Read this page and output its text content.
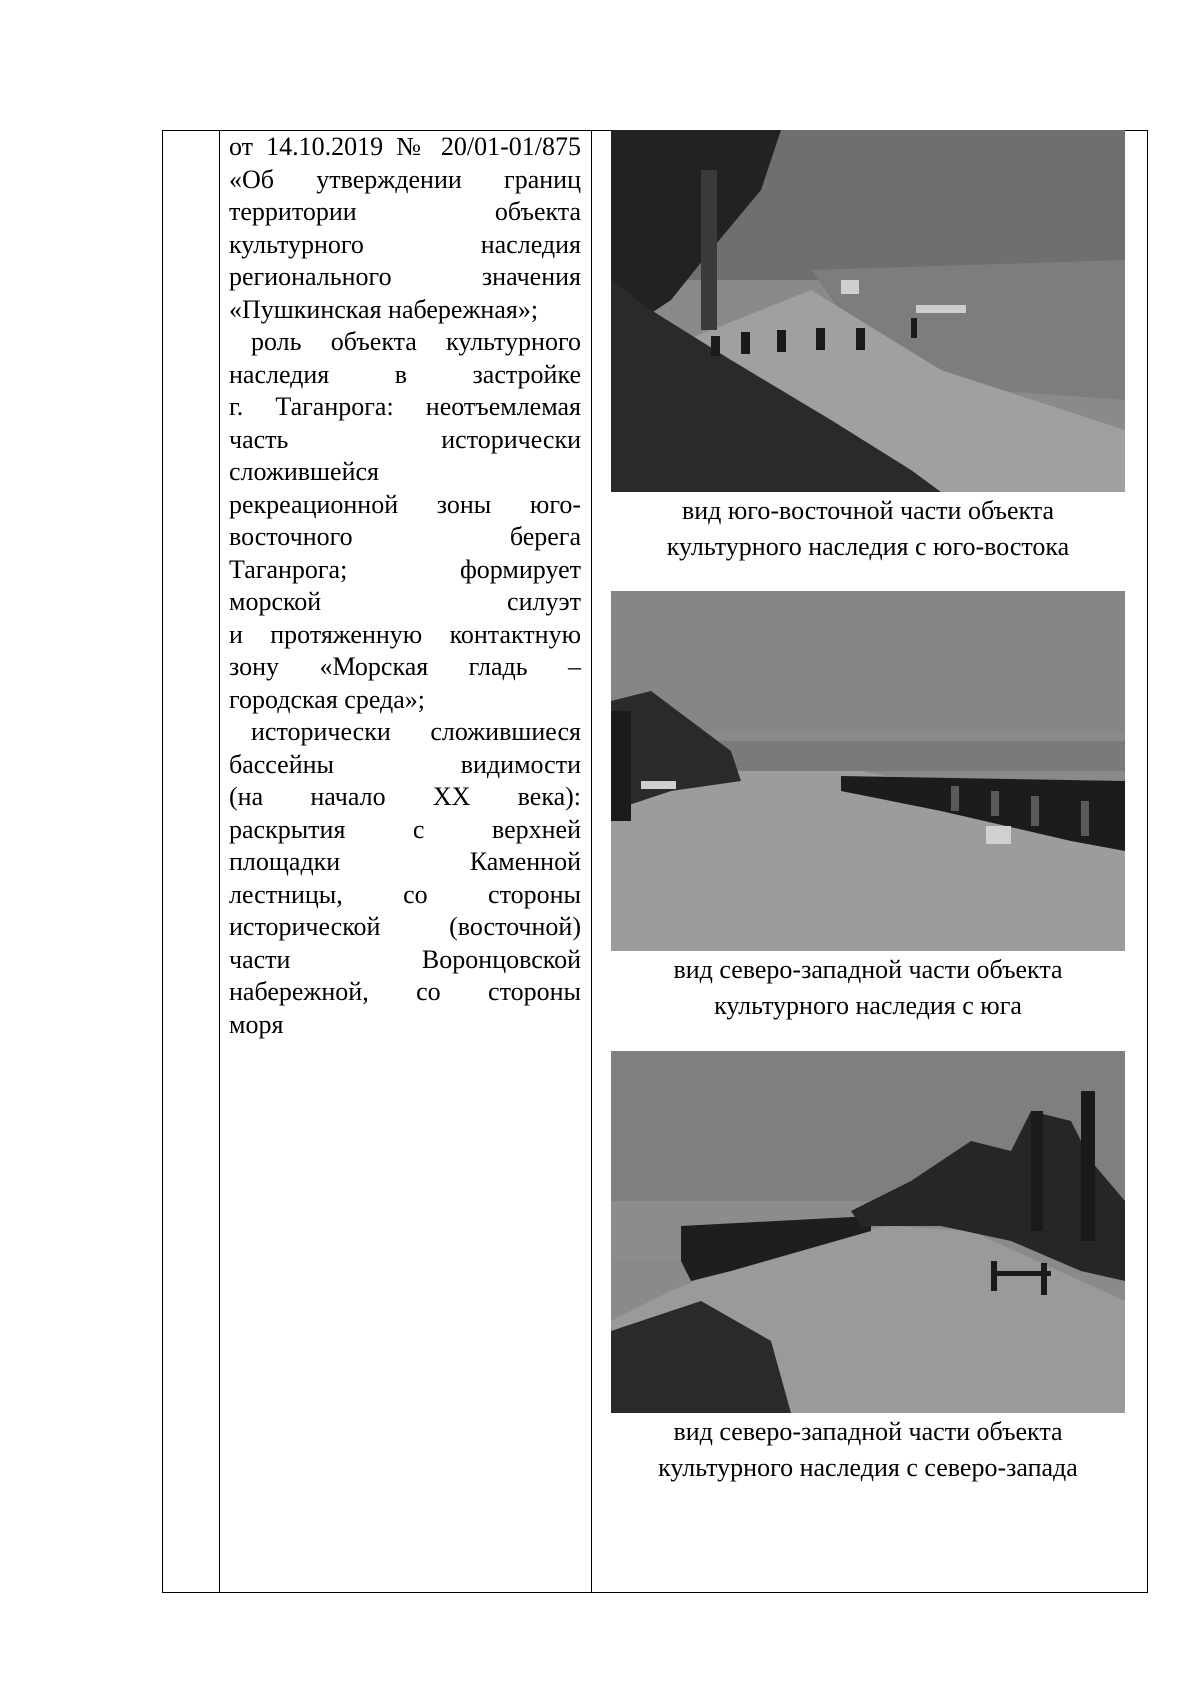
от 14.10.2019 № 20/01-01/875
«Об утверждении границ
территории объекта
культурного наследия
регионального значения
«Пушкинская набережная»;
роль объекта культурного
наследия в застройке
г. Таганрога: неотъемлемая
часть исторически
сложившейся
рекреационной зоны юго-
восточного берега
Таганрога; формирует
морской силуэт
и протяженную контактную
зону «Морская гладь –
городская среда»;
исторически сложившиеся
бассейны видимости
(на начало XX века):
раскрытия с верхней
площадки Каменной
лестницы, со стороны
исторической (восточной)
части Воронцовской
набережной, со стороны
моря
вид юго-восточной части объекта
культурного наследия с юго-востока
вид северо-западной части объекта
культурного наследия с юга
вид северо-западной части объекта
культурного наследия с северо-запада
